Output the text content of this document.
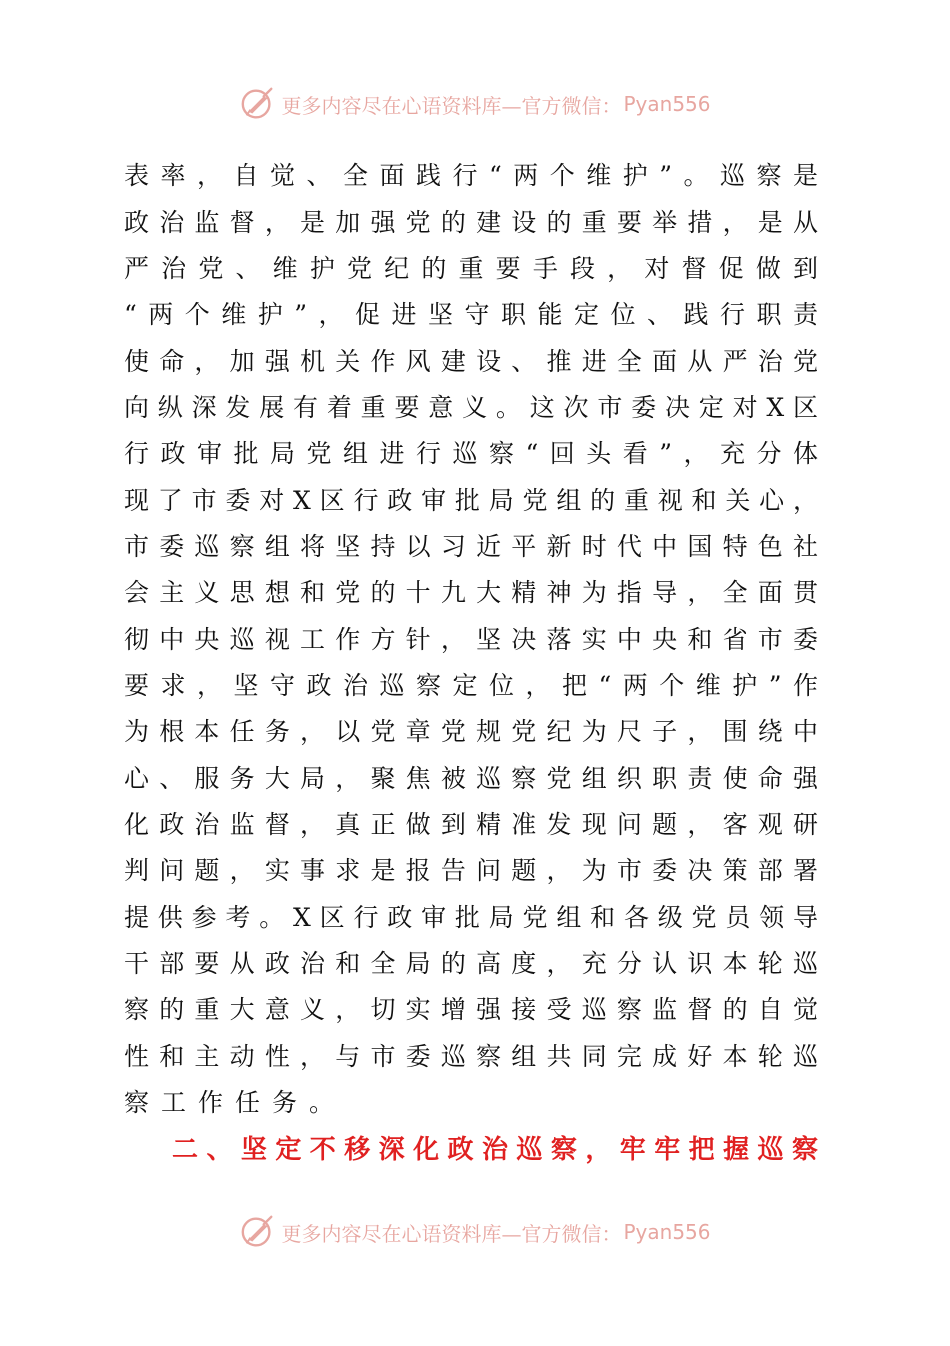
更多内容尽在心语资料库—官方微信： Pyan556
表率，自觉、全面践行“两个维护”。巡察是
政治监督，是加强党的建设的重要举措，是从
严治党、维护党纪的重要手段，对督促做到
“两个维护”，促进坚守职能定位、践行职责
使命，加强机关作风建设、推进全面从严治党
向纵深发展有着重要意义。这次市委决定对X区
行政审批局党组进行巡察“回头看”，充分体
现了市委对X区行政审批局党组的重视和关心，
市委巡察组将坚持以习近平新时代中国特色社
会主义思想和党的十九大精神为指导，全面贯
彻中央巡视工作方针，坚决落实中央和省市委
要求，坚守政治巡察定位，把“两个维护”作
为根本任务，以党章党规党纪为尺子，围绕中
心、服务大局，聚焦被巡察党组织职责使命强
化政治监督，真正做到精准发现问题，客观研
判问题，实事求是报告问题，为市委决策部署
提供参考。X区行政审批局党组和各级党员领导
干部要从政治和全局的高度，充分认识本轮巡
察的重大意义，切实增强接受巡察监督的自觉
性和主动性，与市委巡察组共同完成好本轮巡
察工作任务。
二、坚定不移深化政治巡察，牢牢把握巡察
更多内容尽在心语资料库—官方微信： Pyan556
